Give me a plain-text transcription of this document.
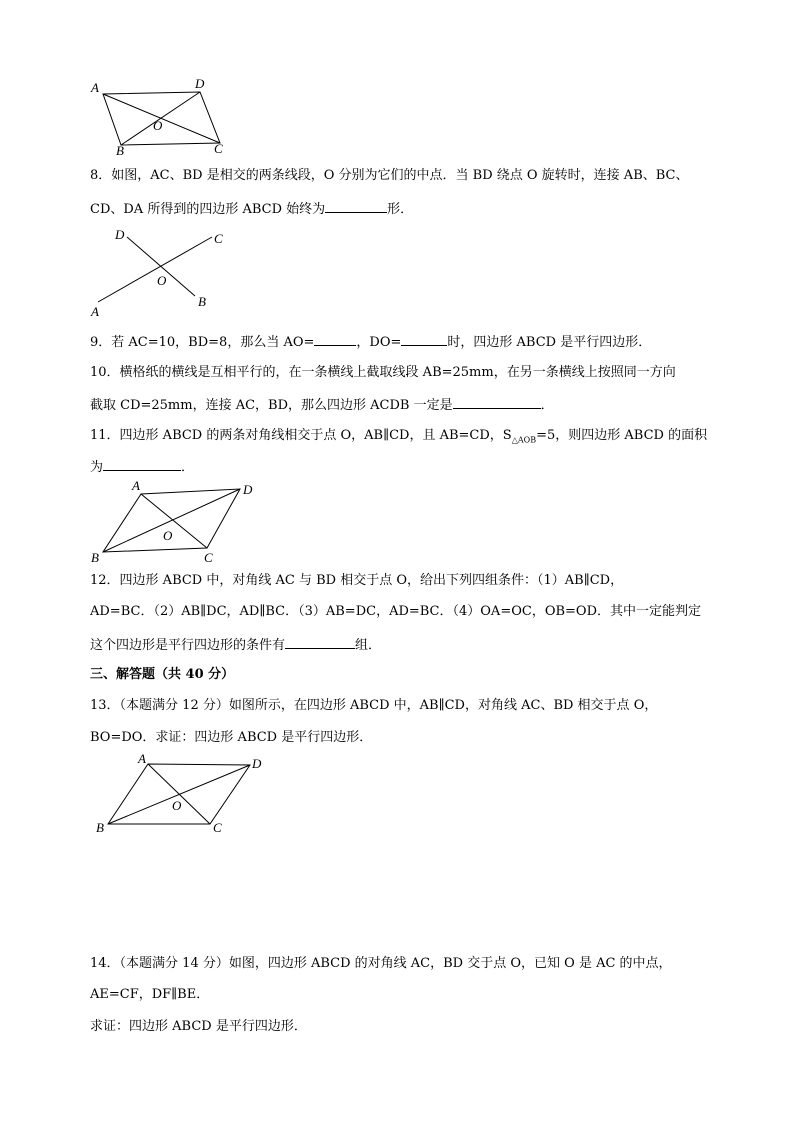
A	D
O
B	C
8．如图，AC、BD 是相交的两条线段，O 分别为它们的中点．当 BD 绕点 O 旋转时，连接 AB、BC、
CD、DA 所得到的四边形 ABCD 始终为	形．
D	C
O
B
A
9．若 AC=10，BD=8，那么当 AO=	，DO=	时，四边形 ABCD 是平行四边形．
10．横格纸的横线是互相平行的，在一条横线上截取线段 AB=25mm，在另一条横线上按照同一方向
截取 CD=25mm，连接 AC，BD，那么四边形 ACDB 一定是	．
11．四边形 ABCD 的两条对角线相交于点 O，AB∥CD，且 AB=CD，$S_{\triangle AOB}=5$，则四边形 ABCD 的面积
为	．
A	D
O
B	C
12．四边形 ABCD 中，对角线 AC 与 BD 相交于点 O，给出下列四组条件：（1）AB∥CD，
AD=BC．（2）AB∥DC，AD∥BC．（3）AB=DC，AD=BC．（4）OA=OC，OB=OD．其中一定能判定
这个四边形是平行四边形的条件有	组．
三、解答题（共 40 分）
13．（本题满分 12 分）如图所示，在四边形 ABCD 中，AB∥CD，对角线 AC、BD 相交于点 O，
BO=DO．求证：四边形 ABCD 是平行四边形．
A	D
O
B	C
14．（本题满分 14 分）如图，四边形 ABCD 的对角线 AC，BD 交于点 O，已知 O 是 AC 的中点，
AE=CF，DF∥BE．
求证：四边形 ABCD 是平行四边形．
